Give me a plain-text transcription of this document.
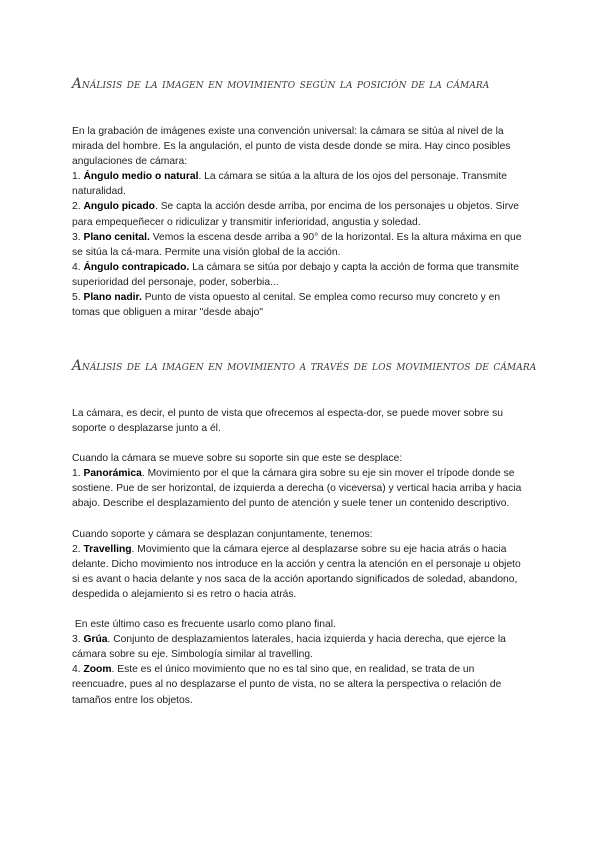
Análisis de la imagen en movimiento según la posición de la cámara

En la grabación de imágenes existe una convención universal: la cámara se sitúa al nivel de la mirada del hombre. Es la angulación, el punto de vista desde donde se mira. Hay cinco posibles angulaciones de cámara:

1. Ángulo medio o natural. La cámara se sitúa a la altura de los ojos del personaje. Transmite naturalidad.

2. Angulo picado. Se capta la acción desde arriba, por encima de los personajes u objetos. Sirve para empequeñecer o ridiculizar y transmitir inferioridad, angustia y soledad.

3. Plano cenital. Vemos la escena desde arriba a 90° de la horizontal. Es la altura máxima en que se sitúa la cá-mara. Permite una visión global de la acción.

4. Ángulo contrapicado. La cámara se sitúa por debajo y capta la acción de forma que transmite superioridad del personaje, poder, soberbia...

5. Plano nadir. Punto de vista opuesto al cenital. Se emplea como recurso muy concreto y en tomas que obliguen a mirar "desde abajo"

Análisis de la imagen en movimiento a través de los movimientos de cámara

La cámara, es decir, el punto de vista que ofrecemos al especta-dor, se puede mover sobre su soporte o desplazarse junto a él.

Cuando la cámara se mueve sobre su soporte sin que este se desplace:

1. Panorámica. Movimiento por el que la cámara gira sobre su eje sin mover el trípode donde se sostiene. Pue de ser horizontal, de izquierda a derecha (o viceversa) y vertical hacia arriba y hacia abajo. Describe el desplazamiento del punto de atención y suele tener un contenido descriptivo.

Cuando soporte y cámara se desplazan conjuntamente, tenemos:

2. Travelling. Movimiento que la cámara ejerce al desplazarse sobre su eje hacia atrás o hacia delante. Dicho movimiento nos introduce en la acción y centra la atención en el personaje u objeto si es avant o hacia delante y nos saca de la acción aportando significados de soledad, abandono, despedida o alejamiento si es retro o hacia atrás.

En este último caso es frecuente usarlo como plano final.

3. Grúa. Conjunto de desplazamientos laterales, hacia izquierda y hacia derecha, que ejerce la cámara sobre su eje. Simbología similar al travelling.

4. Zoom. Este es el único movimiento que no es tal sino que, en realidad, se trata de un reencuadre, pues al no desplazarse el punto de vista, no se altera la perspectiva o relación de tamaños entre los objetos.
